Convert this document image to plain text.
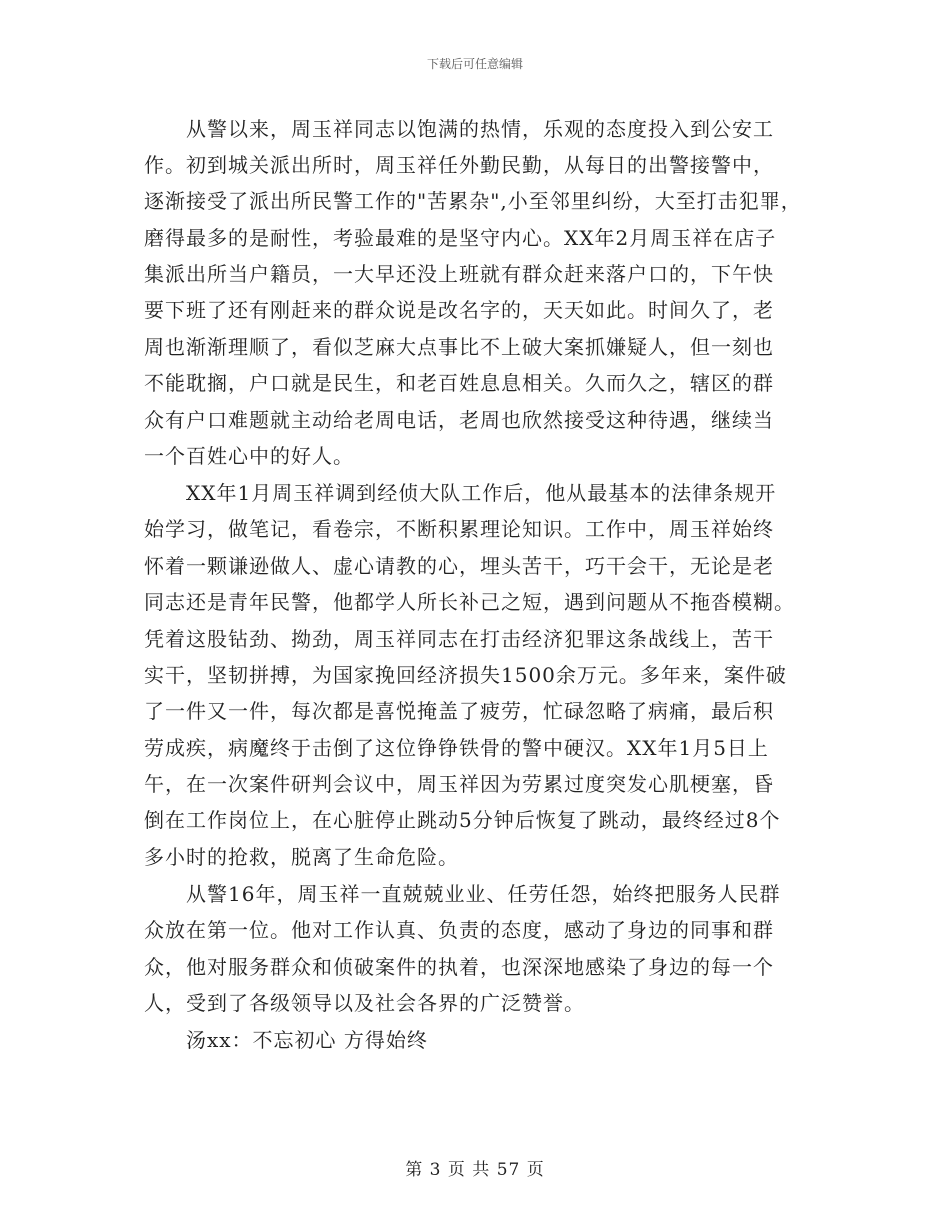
下载后可任意编辑
从警以来，周玉祥同志以饱满的热情，乐观的态度投入到公安工
作。初到城关派出所时，周玉祥任外勤民勤，从每日的出警接警中，
逐渐接受了派出所民警工作的"苦累杂",小至邻里纠纷，大至打击犯罪，
磨得最多的是耐性，考验最难的是坚守内心。XX年2月周玉祥在店子
集派出所当户籍员，一大早还没上班就有群众赶来落户口的，下午快
要下班了还有刚赶来的群众说是改名字的，天天如此。时间久了，老
周也渐渐理顺了，看似芝麻大点事比不上破大案抓嫌疑人，但一刻也
不能耽搁，户口就是民生，和老百姓息息相关。久而久之，辖区的群
众有户口难题就主动给老周电话，老周也欣然接受这种待遇，继续当
一个百姓心中的好人。
XX年1月周玉祥调到经侦大队工作后，他从最基本的法律条规开
始学习，做笔记，看卷宗，不断积累理论知识。工作中，周玉祥始终
怀着一颗谦逊做人、虚心请教的心，埋头苦干，巧干会干，无论是老
同志还是青年民警，他都学人所长补己之短，遇到问题从不拖沓模糊。
凭着这股钻劲、拗劲，周玉祥同志在打击经济犯罪这条战线上，苦干
实干，坚韧拼搏，为国家挽回经济损失1500余万元。多年来，案件破
了一件又一件，每次都是喜悦掩盖了疲劳，忙碌忽略了病痛，最后积
劳成疾，病魔终于击倒了这位铮铮铁骨的警中硬汉。XX年1月5日上
午，在一次案件研判会议中，周玉祥因为劳累过度突发心肌梗塞，昏
倒在工作岗位上，在心脏停止跳动5分钟后恢复了跳动，最终经过8个
多小时的抢救，脱离了生命危险。
从警16年，周玉祥一直兢兢业业、任劳任怨，始终把服务人民群
众放在第一位。他对工作认真、负责的态度，感动了身边的同事和群
众，他对服务群众和侦破案件的执着，也深深地感染了身边的每一个
人，受到了各级领导以及社会各界的广泛赞誉。
汤xx：不忘初心 方得始终
第 3 页 共 57 页
